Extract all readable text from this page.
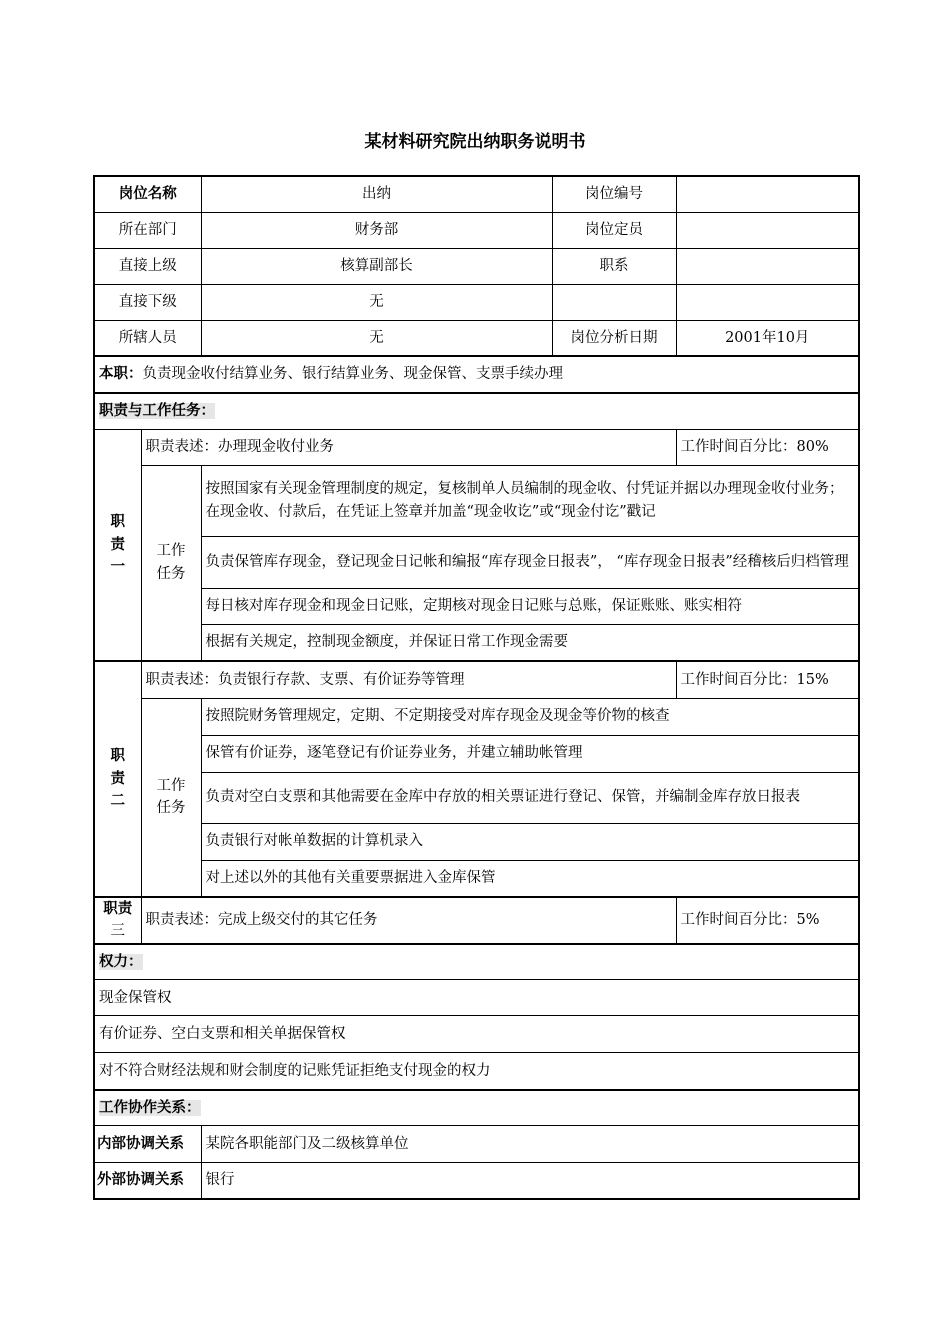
某材料研究院出纳职务说明书
岗位名称		出纳	岗位编号	
所在部门		财务部	岗位定员	
直接上级		核算副部长	职系	
直接下级		无		
所辖人员		无	岗位分析日期	2001年10月
本职：负责现金收付结算业务、银行结算业务、现金保管、支票手续办理				
职责与工作任务：				

职
责
一	职责表述：办理现金收付业务			工作时间百分比：80%

	工作
任务	按照国家有关现金管理制度的规定，复核制单人员编制的现金收、付凭证并据以办理现金收付业务；在现金收、付款后，在凭证上签章并加盖“现金收讫”或“现金付讫”戳记		
		负责保管库存现金，登记现金日记帐和编报“库存现金日报表”， “库存现金日报表”经稽核后归档管理		
		每日核对库存现金和现金日记账，定期核对现金日记账与总账，保证账账、账实相符		
		根据有关规定，控制现金额度，并保证日常工作现金需要		

职
责
二	职责表述：负责银行存款、支票、有价证券等管理			工作时间百分比：15%

	工作
任务	按照院财务管理规定，定期、不定期接受对库存现金及现金等价物的核查		
		保管有价证券，逐笔登记有价证券业务，并建立辅助帐管理		
		负责对空白支票和其他需要在金库中存放的相关票证进行登记、保管，并编制金库存放日报表		
		负责银行对帐单数据的计算机录入		
		对上述以外的其他有关重要票据进入金库保管		

职责
三	职责表述：完成上级交付的其它任务			工作时间百分比：5%
权力：				
现金保管权				
有价证券、空白支票和相关单据保管权				
对不符合财经法规和财会制度的记账凭证拒绝支付现金的权力				
工作协作关系：				
内部协调关系		某院各职能部门及二级核算单位		
外部协调关系		银行		
